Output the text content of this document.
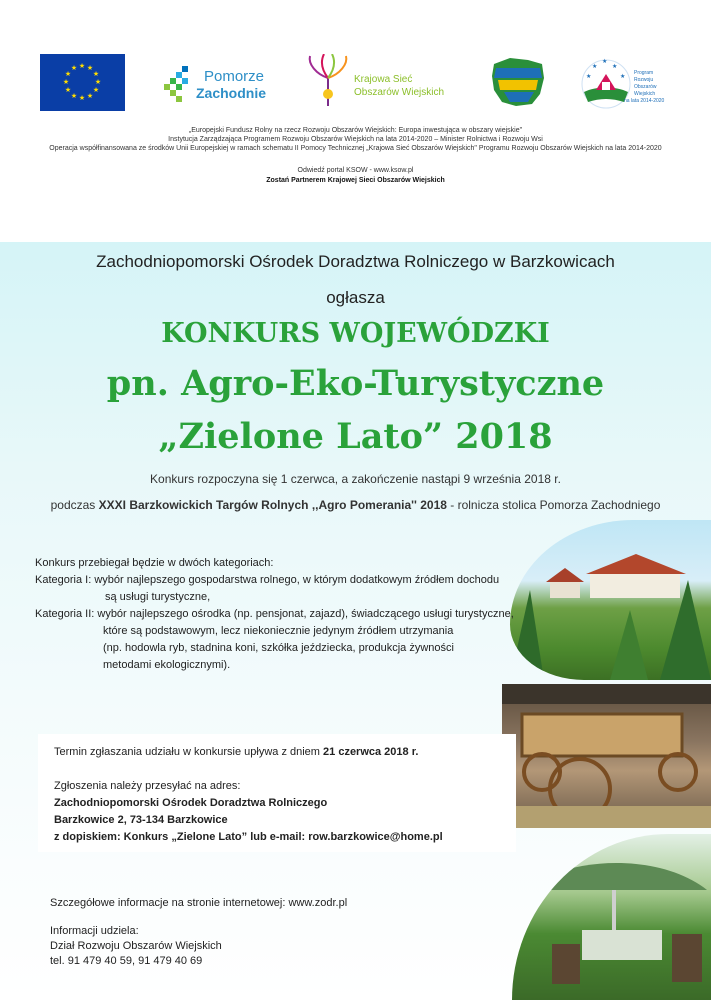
★ ★
★
★
★
★
★
★
★
★
★
★	Pomorze
Zachodnie
Krajowa Sieć
Obszarów Wiejskich
★
★
★
★	★
Program
Rozwoju
Obszarów
Wiejskich
na lata 2014-2020
„Europejski Fundusz Rolny na rzecz Rozwoju Obszarów Wiejskich: Europa inwestująca w obszary wiejskie"
Instytucja Zarządzająca Programem Rozwoju Obszarów Wiejskich na lata 2014-2020 – Minister Rolnictwa i Rozwoju Wsi
Operacja współfinansowana ze środków Unii Europejskiej w ramach schematu II Pomocy Technicznej „Krajowa Sieć Obszarów Wiejskich" Programu Rozwoju Obszarów Wiejskich na lata 2014-2020
Odwiedź portal KSOW - www.ksow.pl
Zostań Partnerem Krajowej Sieci Obszarów Wiejskich
Zachodniopomorski Ośrodek Doradztwa Rolniczego w Barzkowicach
ogłasza
KONKURS WOJEWÓDZKI
pn. Agro-Eko-Turystyczne
„Zielone Lato” 2018
Konkurs rozpoczyna się 1 czerwca, a zakończenie nastąpi 9 września 2018 r.
podczas XXXI Barzkowickich Targów Rolnych ,,Agro Pomerania'' 2018 - rolnicza stolica Pomorza Zachodniego
Konkurs przebiegał będzie w dwóch kategoriach:
Kategoria I: wybór najlepszego gospodarstwa rolnego, w którym dodatkowym źródłem dochodu
są usługi turystyczne,
Kategoria II: wybór najlepszego ośrodka (np. pensjonat, zajazd), świadczącego usługi turystyczne,
które są podstawowym, lecz niekoniecznie jedynym źródłem utrzymania
(np. hodowla ryb, stadnina koni, szkółka jeździecka, produkcja żywności
metodami ekologicznymi).
Termin zgłaszania udziału w konkursie upływa z dniem 21 czerwca 2018 r.
Zgłoszenia należy przesyłać na adres:
Zachodniopomorski Ośrodek Doradztwa Rolniczego
Barzkowice 2, 73-134 Barzkowice
z dopiskiem: Konkurs „Zielone Lato” lub e-mail: row.barzkowice@home.pl
Szczegółowe informacje na stronie internetowej: www.zodr.pl
Informacji udziela:
Dział Rozwoju Obszarów Wiejskich
tel. 91 479 40 59, 91 479 40 69
